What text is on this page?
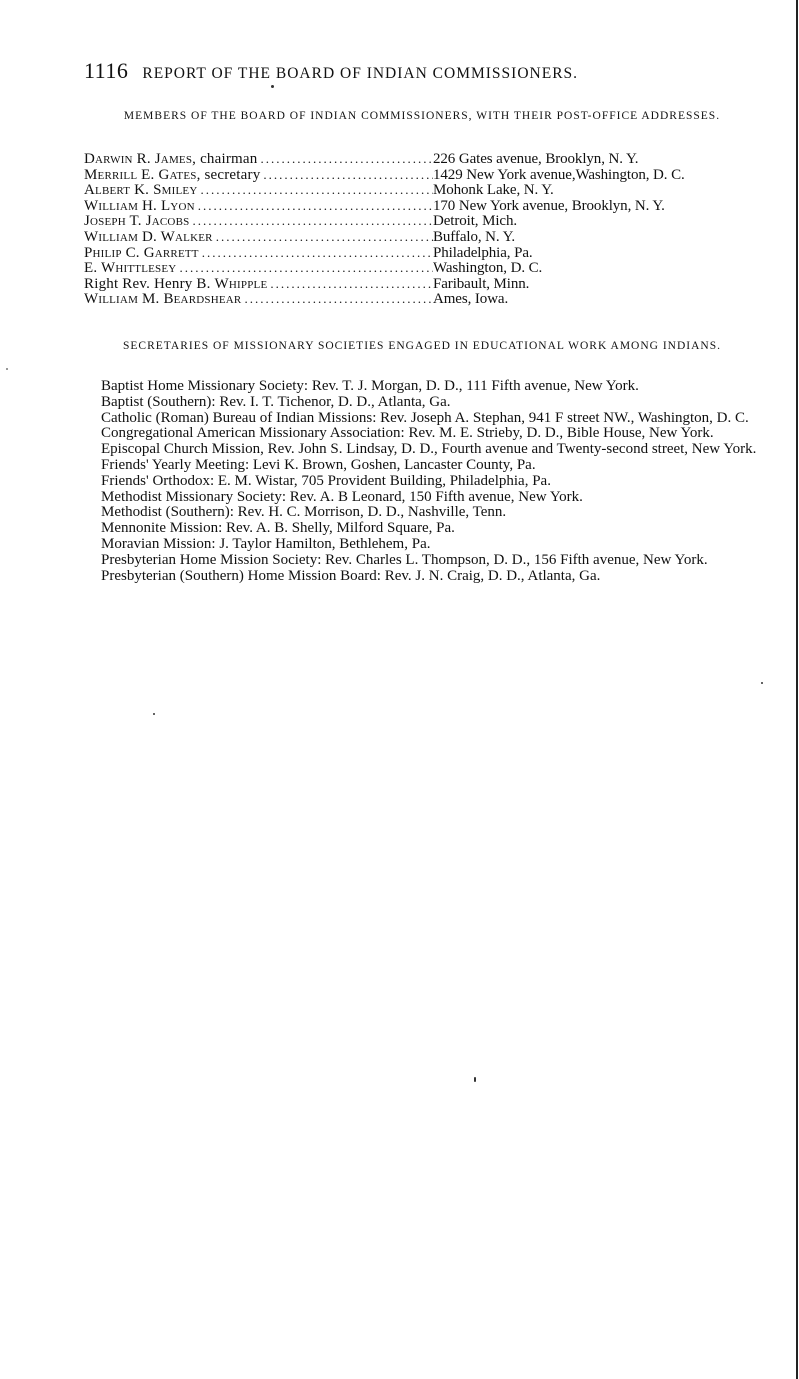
1116 REPORT OF THE BOARD OF INDIAN COMMISSIONERS.
MEMBERS OF THE BOARD OF INDIAN COMMISSIONERS, WITH THEIR POST-OFFICE ADDRESSES.
Darwin R. James, chairman .....	226 Gates avenue, Brooklyn, N. Y.
Merrill E. Gates, secretary .....	1429 New York avenue,Washington, D. C.
Albert K. Smiley .....	Mohonk Lake, N. Y.
William H. Lyon .....	170 New York avenue, Brooklyn, N. Y.
Joseph T. Jacobs .....	Detroit, Mich.
William D. Walker .....	Buffalo, N. Y.
Philip C. Garrett .....	Philadelphia, Pa.
E. Whittlesey .....	Washington, D. C.
Right Rev. Henry B. Whipple .....	Faribault, Minn.
William M. Beardshear .....	Ames, Iowa.
SECRETARIES OF MISSIONARY SOCIETIES ENGAGED IN EDUCATIONAL WORK AMONG INDIANS.

Baptist Home Missionary Society: Rev. T. J. Morgan, D. D., 111 Fifth avenue, New York.

Baptist (Southern): Rev. I. T. Tichenor, D. D., Atlanta, Ga.

Catholic (Roman) Bureau of Indian Missions: Rev. Joseph A. Stephan, 941 F street NW., Washington, D. C.

Congregational American Missionary Association: Rev. M. E. Strieby, D. D., Bible House, New York.

Episcopal Church Mission, Rev. John S. Lindsay, D. D., Fourth avenue and Twenty-second street, New York.

Friends' Yearly Meeting: Levi K. Brown, Goshen, Lancaster County, Pa.

Friends' Orthodox: E. M. Wistar, 705 Provident Building, Philadelphia, Pa.

Methodist Missionary Society: Rev. A. B Leonard, 150 Fifth avenue, New York.

Methodist (Southern): Rev. H. C. Morrison, D. D., Nashville, Tenn.

Mennonite Mission: Rev. A. B. Shelly, Milford Square, Pa.

Moravian Mission: J. Taylor Hamilton, Bethlehem, Pa.

Presbyterian Home Mission Society: Rev. Charles L. Thompson, D. D., 156 Fifth avenue, New York.

Presbyterian (Southern) Home Mission Board: Rev. J. N. Craig, D. D., Atlanta, Ga.
